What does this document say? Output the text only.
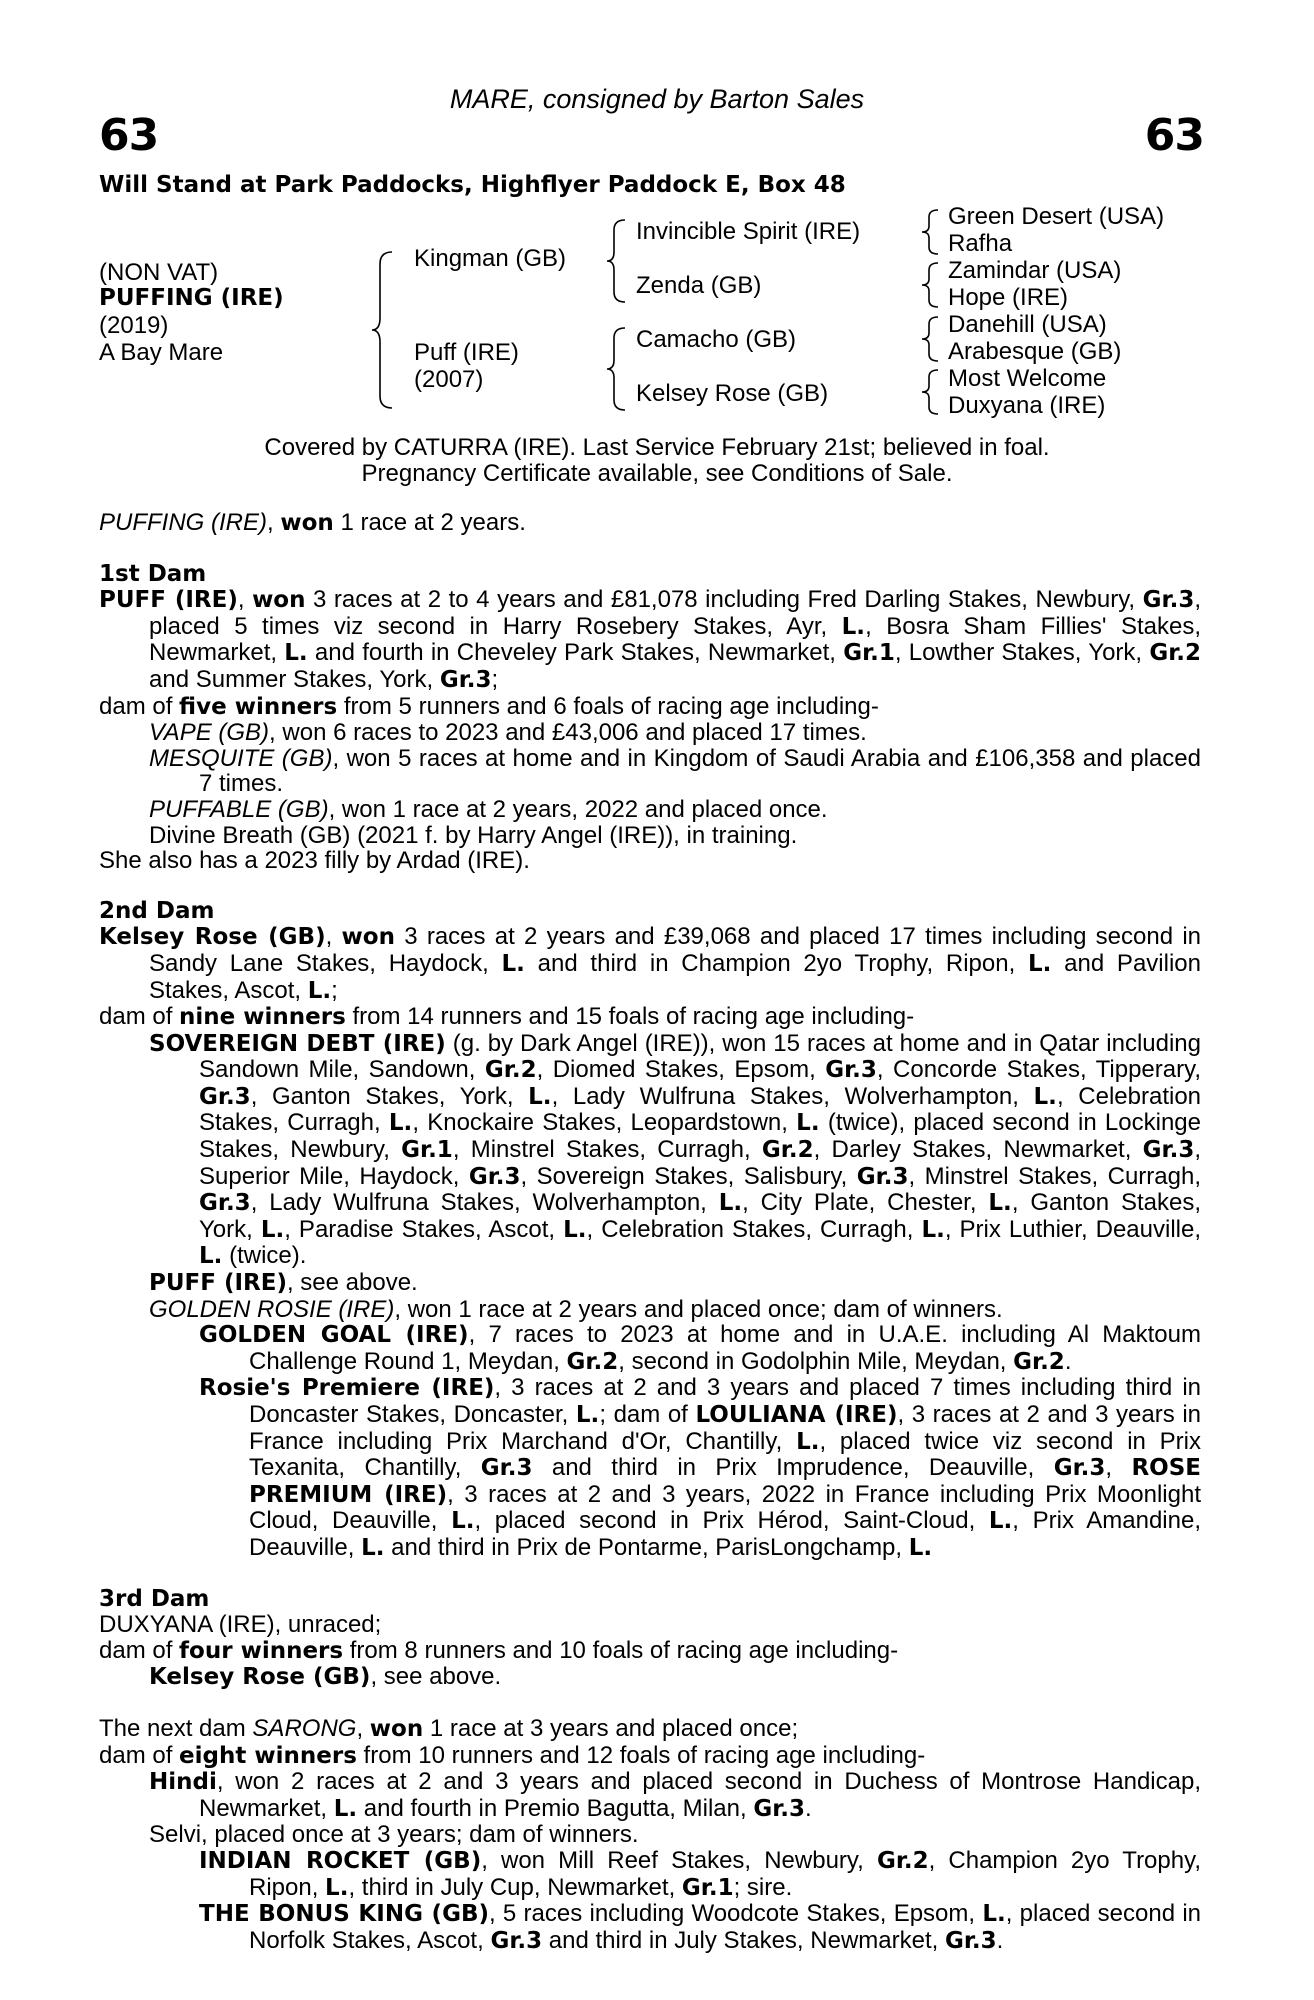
63	63
MARE, consigned by Barton Sales
Will Stand at Park Paddocks, Highflyer Paddock E, Box 48
(NON VAT)
PUFFING (IRE)
(2019)
A Bay Mare
Kingman (GB)
Puff (IRE)
(2007)
Invincible Spirit (IRE)
Zenda (GB)
Camacho (GB)
Kelsey Rose (GB)
Green Desert (USA)
Rafha
Zamindar (USA)
Hope (IRE)
Danehill (USA)
Arabesque (GB)
Most Welcome
Duxyana (IRE)
Covered by CATURRA (IRE). Last Service February 21st; believed in foal.
Pregnancy Certificate available, see Conditions of Sale.

PUFFING (IRE), won 1 race at 2 years.

1st Dam

PUFF (IRE), won 3 races at 2 to 4 years and £81,078 including Fred Darling Stakes, Newbury, Gr.3, placed 5 times viz second in Harry Rosebery Stakes, Ayr, L., Bosra Sham Fillies' Stakes, Newmarket, L. and fourth in Cheveley Park Stakes, Newmarket, Gr.1, Lowther Stakes, York, Gr.2 and Summer Stakes, York, Gr.3;

dam of five winners from 5 runners and 6 foals of racing age including-

VAPE (GB), won 6 races to 2023 and £43,006 and placed 17 times.

MESQUITE (GB), won 5 races at home and in Kingdom of Saudi Arabia and £106,358 and placed 7 times.

PUFFABLE (GB), won 1 race at 2 years, 2022 and placed once.

Divine Breath (GB) (2021 f. by Harry Angel (IRE)), in training.

She also has a 2023 filly by Ardad (IRE).

2nd Dam

Kelsey Rose (GB), won 3 races at 2 years and £39,068 and placed 17 times including second in Sandy Lane Stakes, Haydock, L. and third in Champion 2yo Trophy, Ripon, L. and Pavilion Stakes, Ascot, L.;

dam of nine winners from 14 runners and 15 foals of racing age including-

SOVEREIGN DEBT (IRE) (g. by Dark Angel (IRE)), won 15 races at home and in Qatar including Sandown Mile, Sandown, Gr.2, Diomed Stakes, Epsom, Gr.3, Concorde Stakes, Tipperary, Gr.3, Ganton Stakes, York, L., Lady Wulfruna Stakes, Wolverhampton, L., Celebration Stakes, Curragh, L., Knockaire Stakes, Leopardstown, L. (twice), placed second in Lockinge Stakes, Newbury, Gr.1, Minstrel Stakes, Curragh, Gr.2, Darley Stakes, Newmarket, Gr.3, Superior Mile, Haydock, Gr.3, Sovereign Stakes, Salisbury, Gr.3, Minstrel Stakes, Curragh, Gr.3, Lady Wulfruna Stakes, Wolverhampton, L., City Plate, Chester, L., Ganton Stakes, York, L., Paradise Stakes, Ascot, L., Celebration Stakes, Curragh, L., Prix Luthier, Deauville, L. (twice).

PUFF (IRE), see above.

GOLDEN ROSIE (IRE), won 1 race at 2 years and placed once; dam of winners.

GOLDEN GOAL (IRE), 7 races to 2023 at home and in U.A.E. including Al Maktoum Challenge Round 1, Meydan, Gr.2, second in Godolphin Mile, Meydan, Gr.2.

Rosie's Premiere (IRE), 3 races at 2 and 3 years and placed 7 times including third in Doncaster Stakes, Doncaster, L.; dam of LOULIANA (IRE), 3 races at 2 and 3 years in France including Prix Marchand d'Or, Chantilly, L., placed twice viz second in Prix Texanita, Chantilly, Gr.3 and third in Prix Imprudence, Deauville, Gr.3, ROSE PREMIUM (IRE), 3 races at 2 and 3 years, 2022 in France including Prix Moonlight Cloud, Deauville, L., placed second in Prix Hérod, Saint-Cloud, L., Prix Amandine, Deauville, L. and third in Prix de Pontarme, ParisLongchamp, L.

3rd Dam

DUXYANA (IRE), unraced;

dam of four winners from 8 runners and 10 foals of racing age including-

Kelsey Rose (GB), see above.

The next dam SARONG, won 1 race at 3 years and placed once;

dam of eight winners from 10 runners and 12 foals of racing age including-

Hindi, won 2 races at 2 and 3 years and placed second in Duchess of Montrose Handicap, Newmarket, L. and fourth in Premio Bagutta, Milan, Gr.3.

Selvi, placed once at 3 years; dam of winners.

INDIAN ROCKET (GB), won Mill Reef Stakes, Newbury, Gr.2, Champion 2yo Trophy, Ripon, L., third in July Cup, Newmarket, Gr.1; sire.

THE BONUS KING (GB), 5 races including Woodcote Stakes, Epsom, L., placed second in Norfolk Stakes, Ascot, Gr.3 and third in July Stakes, Newmarket, Gr.3.
